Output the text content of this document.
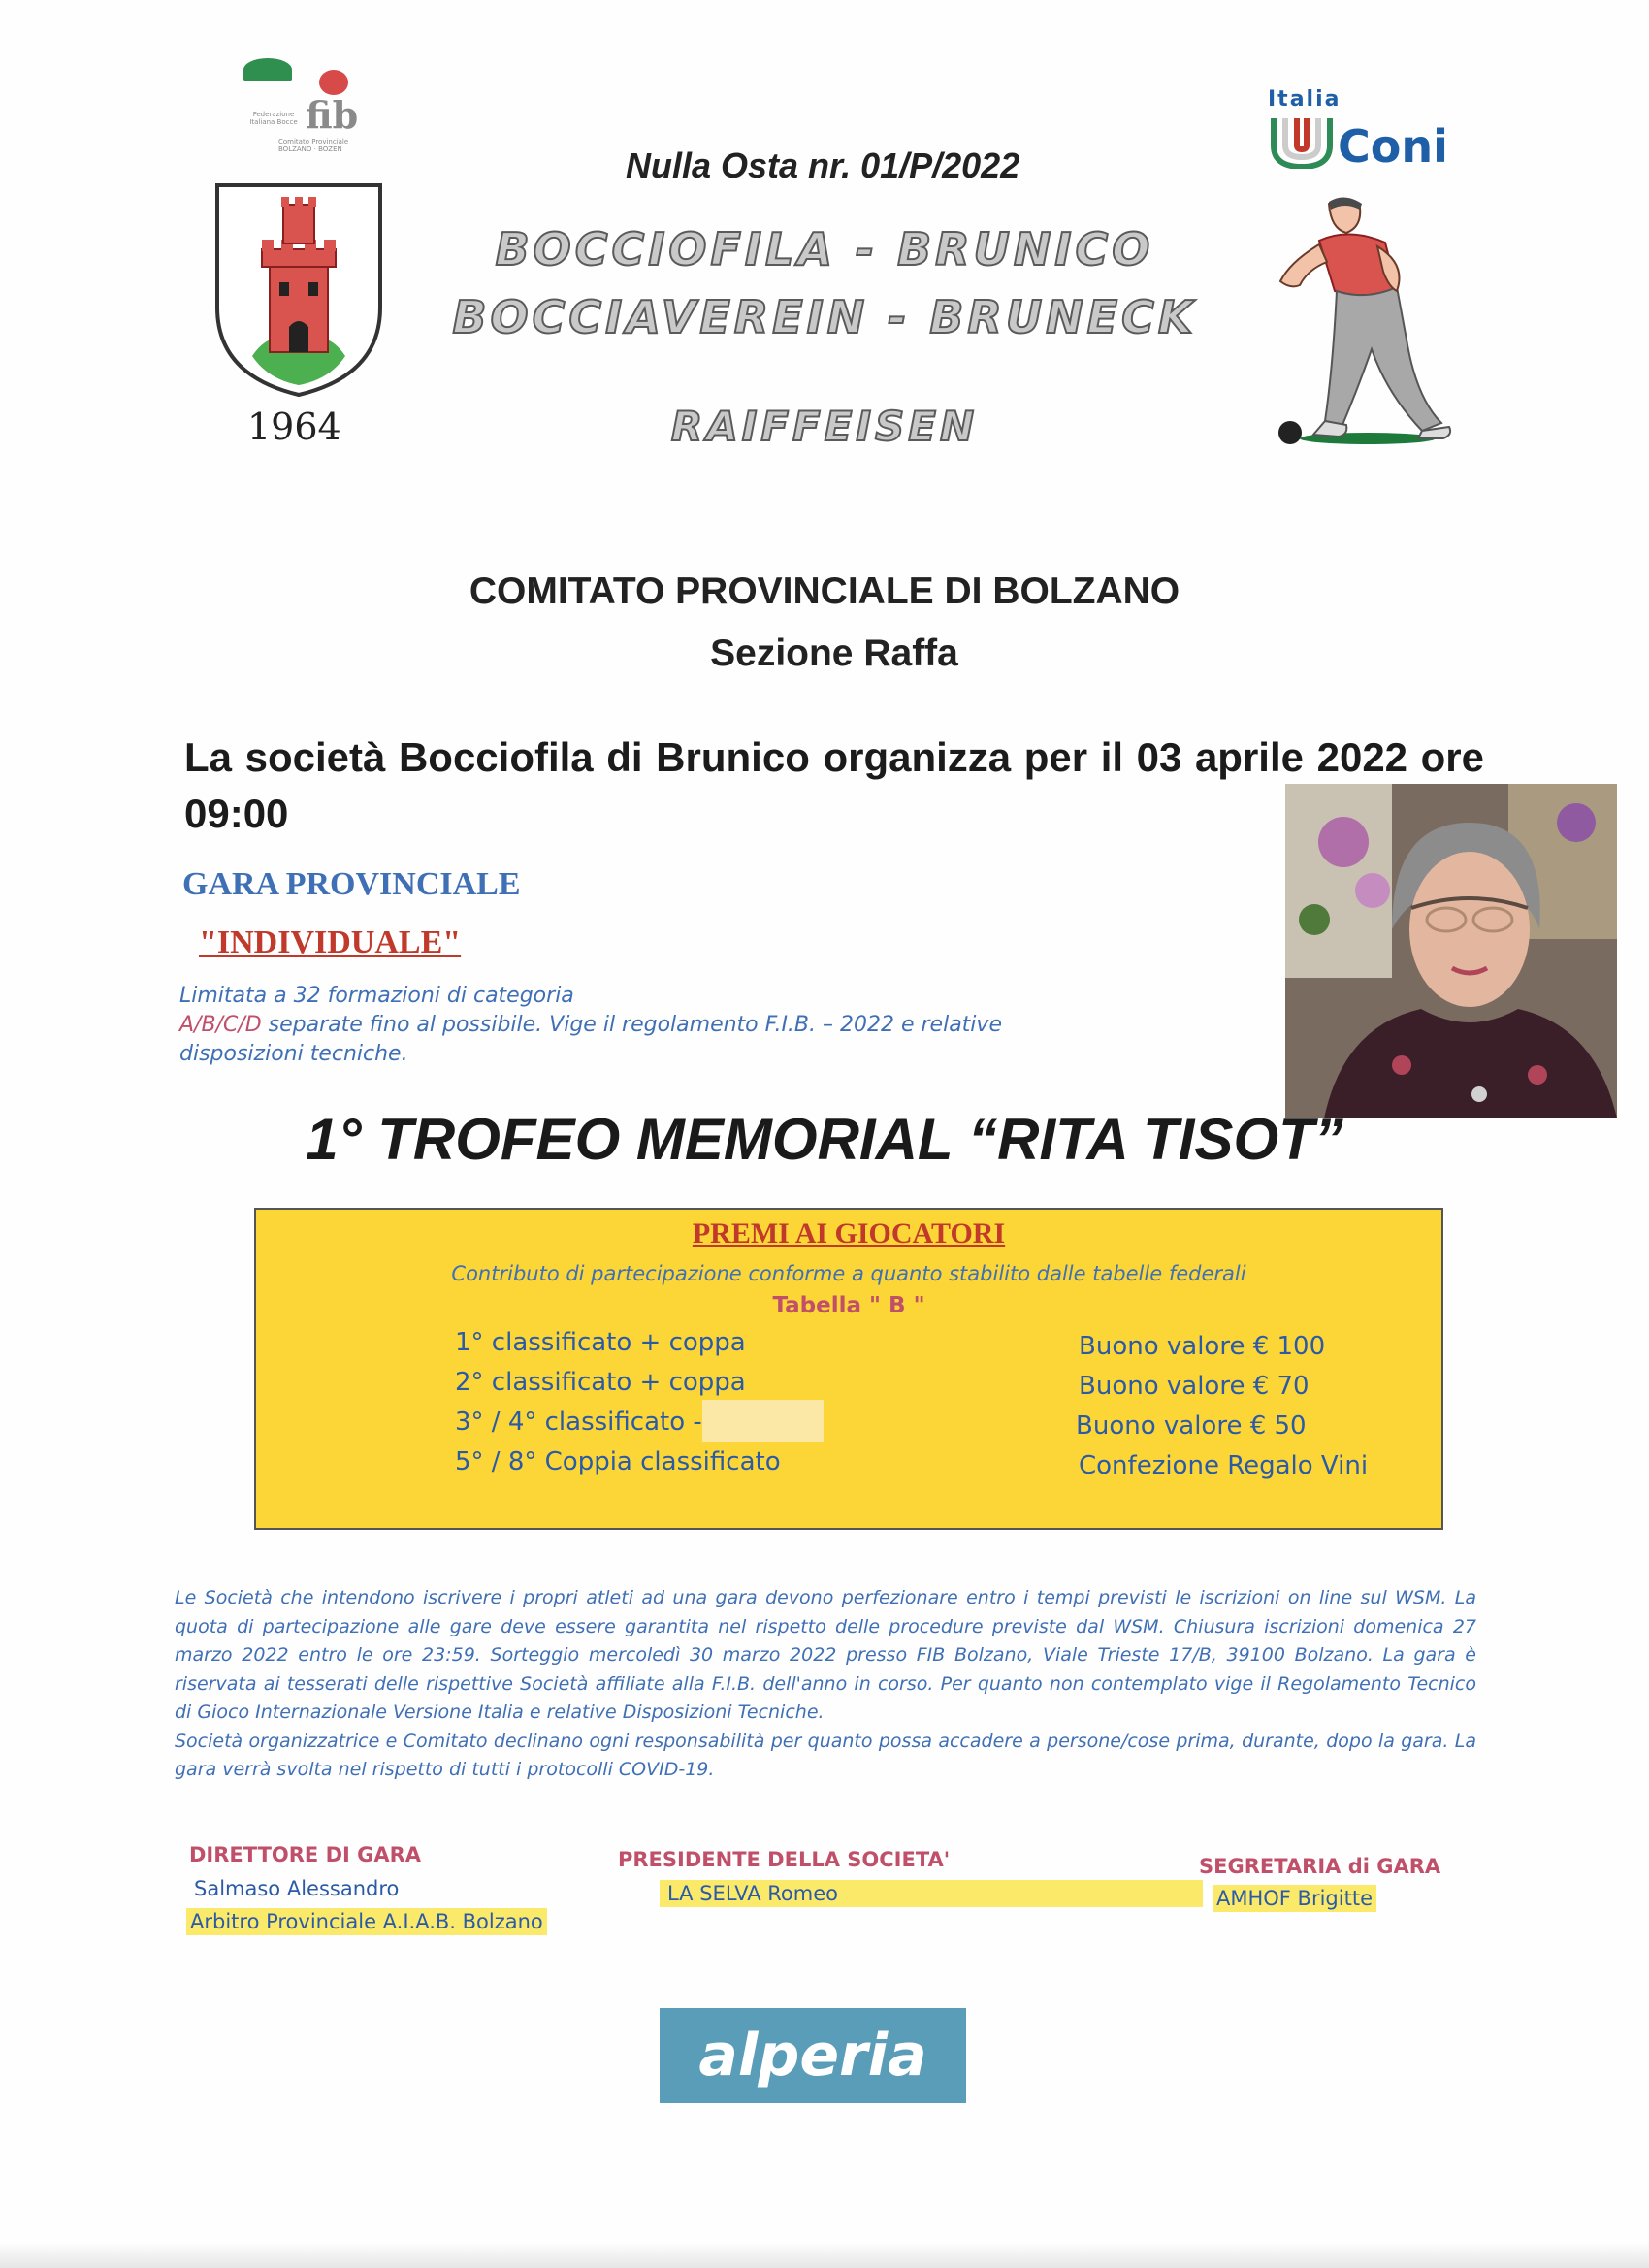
fib
Federazione Italiana Bocce
Comitato Provinciale
BOLZANO · BOZEN
1964
Nulla Osta nr. 01/P/2022
BOCCIOFILA - BRUNICO
BOCCIAVEREIN - BRUNECK
RAIFFEISEN
Italia
Coni
COMITATO PROVINCIALE DI BOLZANO
Sezione Raffa
La società Bocciofila di Brunico organizza per il 03 aprile 2022 ore 09:00
GARA PROVINCIALE
"INDIVIDUALE"
Limitata a 32 formazioni di categoria
A/B/C/D separate fino al possibile. Vige il regolamento F.I.B. – 2022 e relative disposizioni tecniche.
1° TROFEO MEMORIAL “RITA TISOT”
PREMI AI GIOCATORI
Contributo di partecipazione conforme a quanto stabilito dalle tabelle federali
Tabella " B "
1° classificato + coppa	Buono valore € 100
2° classificato + coppa	Buono valore € 70
3° / 4° classificato -	Buono valore € 50
5° / 8° Coppia classificato	Confezione Regalo Vini
Le Società che intendono iscrivere i propri atleti ad una gara devono perfezionare entro i tempi previsti le iscrizioni on line sul WSM. La quota di partecipazione alle gare deve essere garantita nel rispetto delle procedure previste dal WSM. Chiusura iscrizioni domenica 27 marzo 2022 entro le ore 23:59. Sorteggio mercoledì 30 marzo 2022 presso FIB Bolzano, Viale Trieste 17/B, 39100 Bolzano. La gara è riservata ai tesserati delle rispettive Società affiliate alla F.I.B. dell'anno in corso. Per quanto non contemplato vige il Regolamento Tecnico di Gioco Internazionale Versione Italia e relative Disposizioni Tecniche.
Società organizzatrice e Comitato declinano ogni responsabilità per quanto possa accadere a persone/cose prima, durante, dopo la gara. La gara verrà svolta nel rispetto di tutti i protocolli COVID-19.
DIRETTORE DI GARA
Salmaso Alessandro
Arbitro Provinciale A.I.A.B. Bolzano
PRESIDENTE DELLA SOCIETA'
LA SELVA Romeo
SEGRETARIA di GARA
AMHOF Brigitte
alperia
